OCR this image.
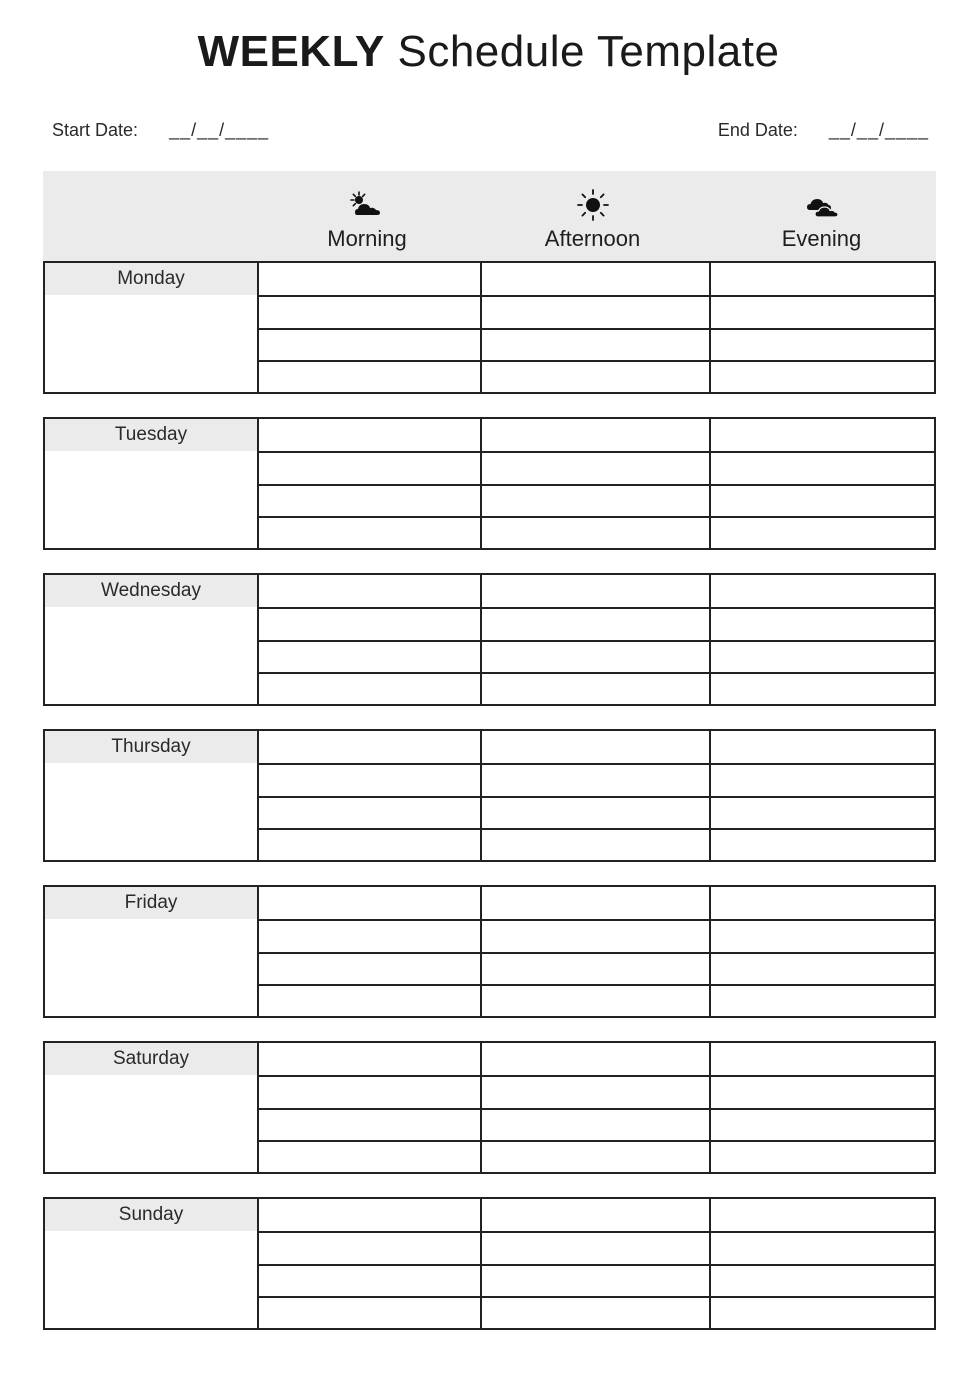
WEEKLY Schedule Template
Start Date: __/__/____	End Date: __/__/____
Morning	Afternoon	Evening
Monday
Tuesday
Wednesday
Thursday
Friday
Saturday
Sunday
